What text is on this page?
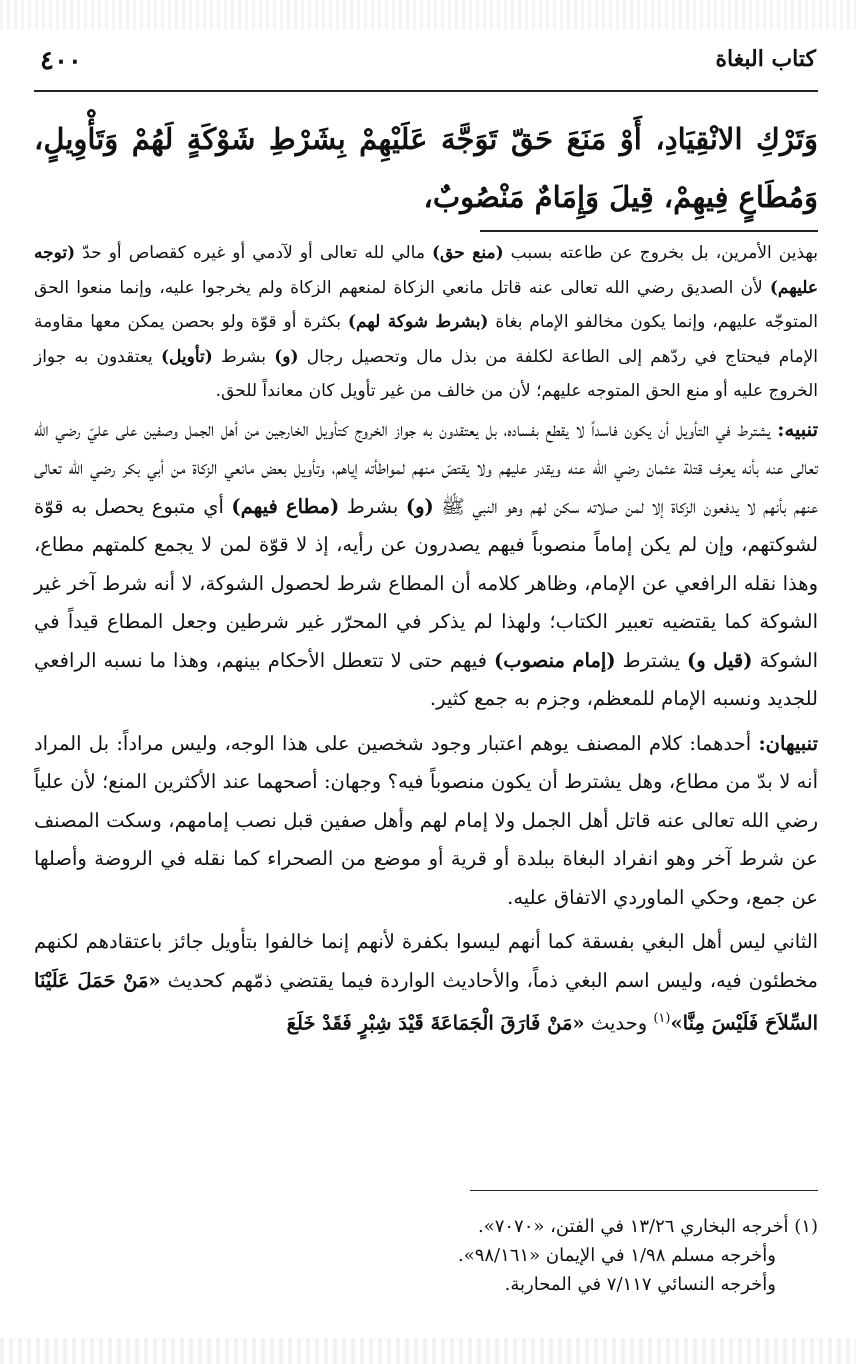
كتاب البغاة
٤٠٠
وَتَرْكِ الانْقِيَادِ، أَوْ مَنَعَ حَقّ تَوَجَّهَ عَلَيْهِمْ بِشَرْطِ شَوْكَةٍ لَهُمْ وَتَأْوِيلٍ، وَمُطَاعٍ فِيهِمْ، قِيلَ وَإِمَامٌ مَنْصُوبٌ،

بهذين الأمرين، بل بخروج عن طاعته بسبب (منع حق) مالي لله تعالى أو لآدمي أو غيره كقصاص أو حدّ (توجه عليهم) لأن الصديق رضي الله تعالى عنه قاتل مانعي الزكاة لمنعهم الزكاة ولم يخرجوا عليه، وإنما منعوا الحق المتوجّه عليهم، وإنما يكون مخالفو الإمام بغاة (بشرط شوكة لهم) بكثرة أو قوّة ولو بحصن يمكن معها مقاومة الإمام فيحتاج في ردّهم إلى الطاعة لكلفة من بذل مال وتحصيل رجال (و) بشرط (تأويل) يعتقدون به جواز الخروج عليه أو منع الحق المتوجه عليهم؛ لأن من خالف من غير تأويل كان معانداً للحق.

تنبيه: يشترط في التأويل أن يكون فاسداً لا يقطع بفساده، بل يعتقدون به جواز الخروج كتأويل الخارجين من أهل الجمل وصفين على عليّ رضي الله تعالى عنه بأنه يعرف قتلة عثمان رضي الله عنه ويقدر عليهم ولا يقتصّ منهم لمواطأته إياهم، وتأويل بعض مانعي الزكاة من أبي بكر رضي الله تعالى عنهم بأنهم لا يدفعون الزكاة إلا لمن صلاته سكن لهم وهو النبي ﷺ (و) بشرط (مطاع فيهم) أي متبوع يحصل به قوّة لشوكتهم، وإن لم يكن إماماً منصوباً فيهم يصدرون عن رأيه، إذ لا قوّة لمن لا يجمع كلمتهم مطاع، وهذا نقله الرافعي عن الإمام، وظاهر كلامه أن المطاع شرط لحصول الشوكة، لا أنه شرط آخر غير الشوكة كما يقتضيه تعبير الكتاب؛ ولهذا لم يذكر في المحرّر غير شرطين وجعل المطاع قيداً في الشوكة (قيل و) يشترط (إمام منصوب) فيهم حتى لا تتعطل الأحكام بينهم، وهذا ما نسبه الرافعي للجديد ونسبه الإمام للمعظم، وجزم به جمع كثير.

تنبيهان: أحدهما: كلام المصنف يوهم اعتبار وجود شخصين على هذا الوجه، وليس مراداً: بل المراد أنه لا بدّ من مطاع، وهل يشترط أن يكون منصوباً فيه؟ وجهان: أصحهما عند الأكثرين المنع؛ لأن علياً رضي الله تعالى عنه قاتل أهل الجمل ولا إمام لهم وأهل صفين قبل نصب إمامهم، وسكت المصنف عن شرط آخر وهو انفراد البغاة ببلدة أو قرية أو موضع من الصحراء كما نقله في الروضة وأصلها عن جمع، وحكي الماوردي الاتفاق عليه.

الثاني ليس أهل البغي بفسقة كما أنهم ليسوا بكفرة لأنهم إنما خالفوا بتأويل جائز باعتقادهم لكنهم مخطئون فيه، وليس اسم البغي ذماً، والأحاديث الواردة فيما يقتضي ذمّهم كحديث «مَنْ حَمَلَ عَلَيْنَا السِّلاَحَ فَلَيْسَ مِنَّا»$^{(١)}$ وحديث «مَنْ فَارَقَ الْجَمَاعَةَ قَيْدَ شِبْرٍ فَقَدْ خَلَعَ

(١) أخرجه البخاري ١٣/٢٦ في الفتن، «٧٠٧٠».
وأخرجه مسلم ١/٩٨ في الإيمان «٩٨/١٦١».
وأخرجه النسائي ٧/١١٧ في المحاربة.
